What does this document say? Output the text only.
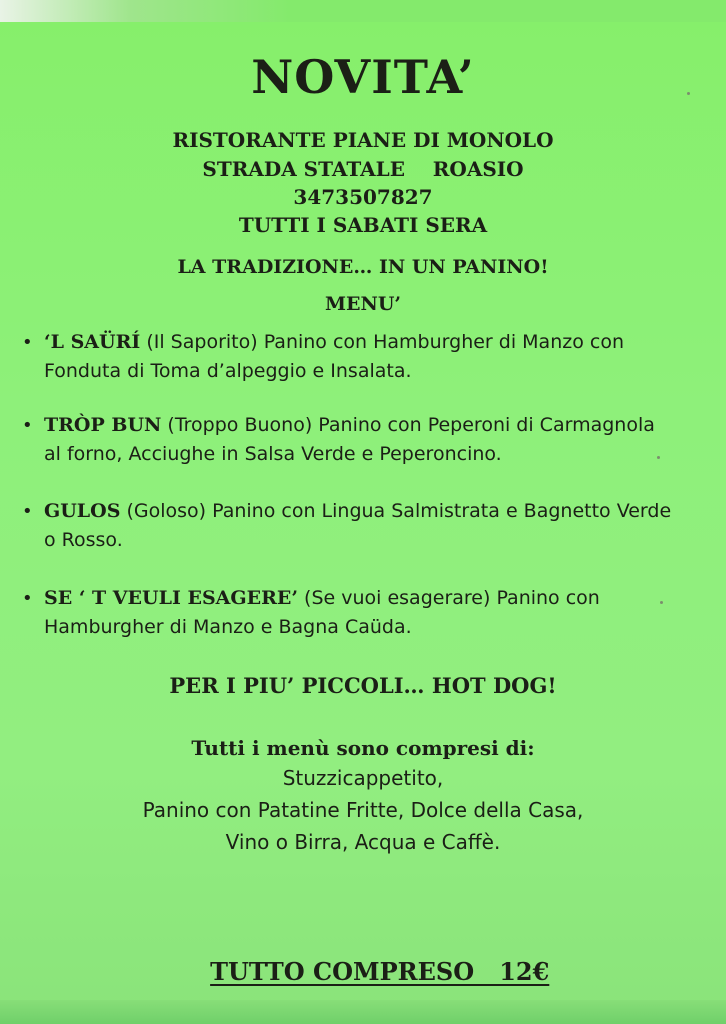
NOVITA’
RISTORANTE PIANE DI MONOLO
STRADA STATALE    ROASIO
3473507827
TUTTI I SABATI SERA
LA TRADIZIONE… IN UN PANINO!
MENU’
• ‘L SAÜRÍ (Il Saporito) Panino con Hamburgher di Manzo con
Fonduta di Toma d’alpeggio e Insalata.
• TRÒP BUN (Troppo Buono) Panino con Peperoni di Carmagnola
al forno, Acciughe in Salsa Verde e Peperoncino.
• GULOS (Goloso) Panino con Lingua Salmistrata e Bagnetto Verde
o Rosso.
• SE ‘ T VEULI ESAGERE’ (Se vuoi esagerare) Panino con
Hamburgher di Manzo e Bagna Caüda.
PER I PIU’ PICCOLI… HOT DOG!
Tutti i menù sono compresi di:
Stuzzicappetito,
Panino con Patatine Fritte, Dolce della Casa,
Vino o Birra, Acqua e Caffè.

TUTTO COMPRESO   12€
